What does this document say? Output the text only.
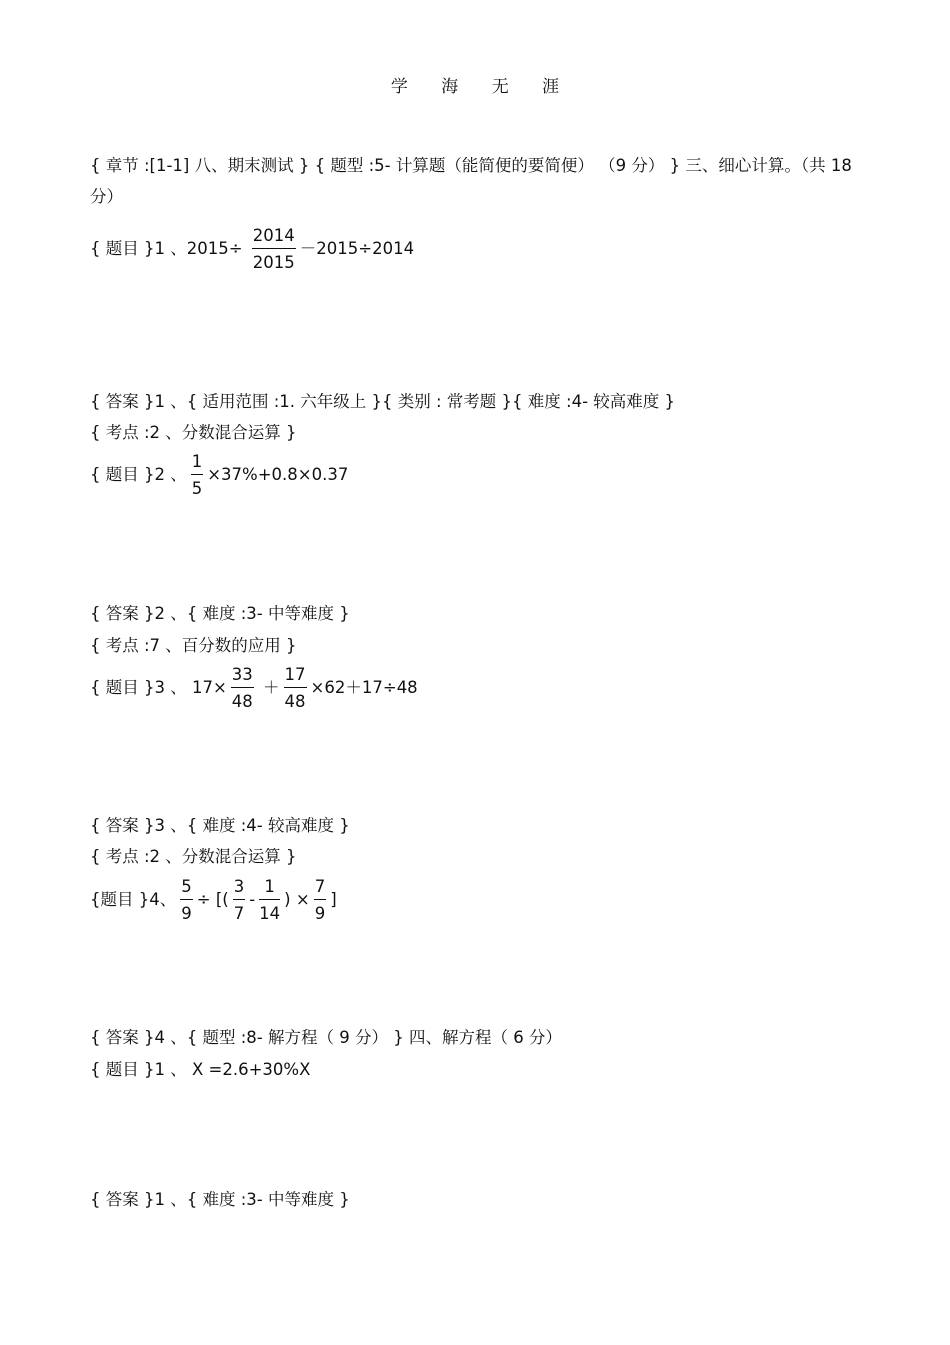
学 海 无 涯
{ 章节 :[1-1] 八、期末测试 } { 题型 :5- 计算题（能简便的要简便） （9 分） } 三、细心计算。（共 18 分）
{ 题目 }1 、$2015\div \frac{2014}{2015} -2015\div 2014$
{ 答案 }1 、{ 适用范围 :1. 六年级上 }{ 类别 : 常考题 }{ 难度 :4- 较高难度 }
{ 考点 :2 、分数混合运算 }
{ 题目 }2 、 $\frac{1}{5} \times 37\%+0.8\times 0.37$
{ 答案 }2 、{ 难度 :3- 中等难度 }
{ 考点 :7 、百分数的应用 }
{ 题目 }3 、 $17\times \frac{33}{48} + \frac{17}{48} \times 62+17\div 48$
{ 答案 }3 、{ 难度 :4- 较高难度 }
{ 考点 :2 、分数混合运算 }
{题目 }4、 $\frac{5}{9}$ ÷ [( $\frac{3}{7} - \frac{1}{14}$ ) × $\frac{7}{9}$ ]
{ 答案 }4 、{ 题型 :8- 解方程（ 9 分） } 四、解方程（ 6 分）
{ 题目 }1 、 X =2.6+30%X
{ 答案 }1 、{ 难度 :3- 中等难度 }
